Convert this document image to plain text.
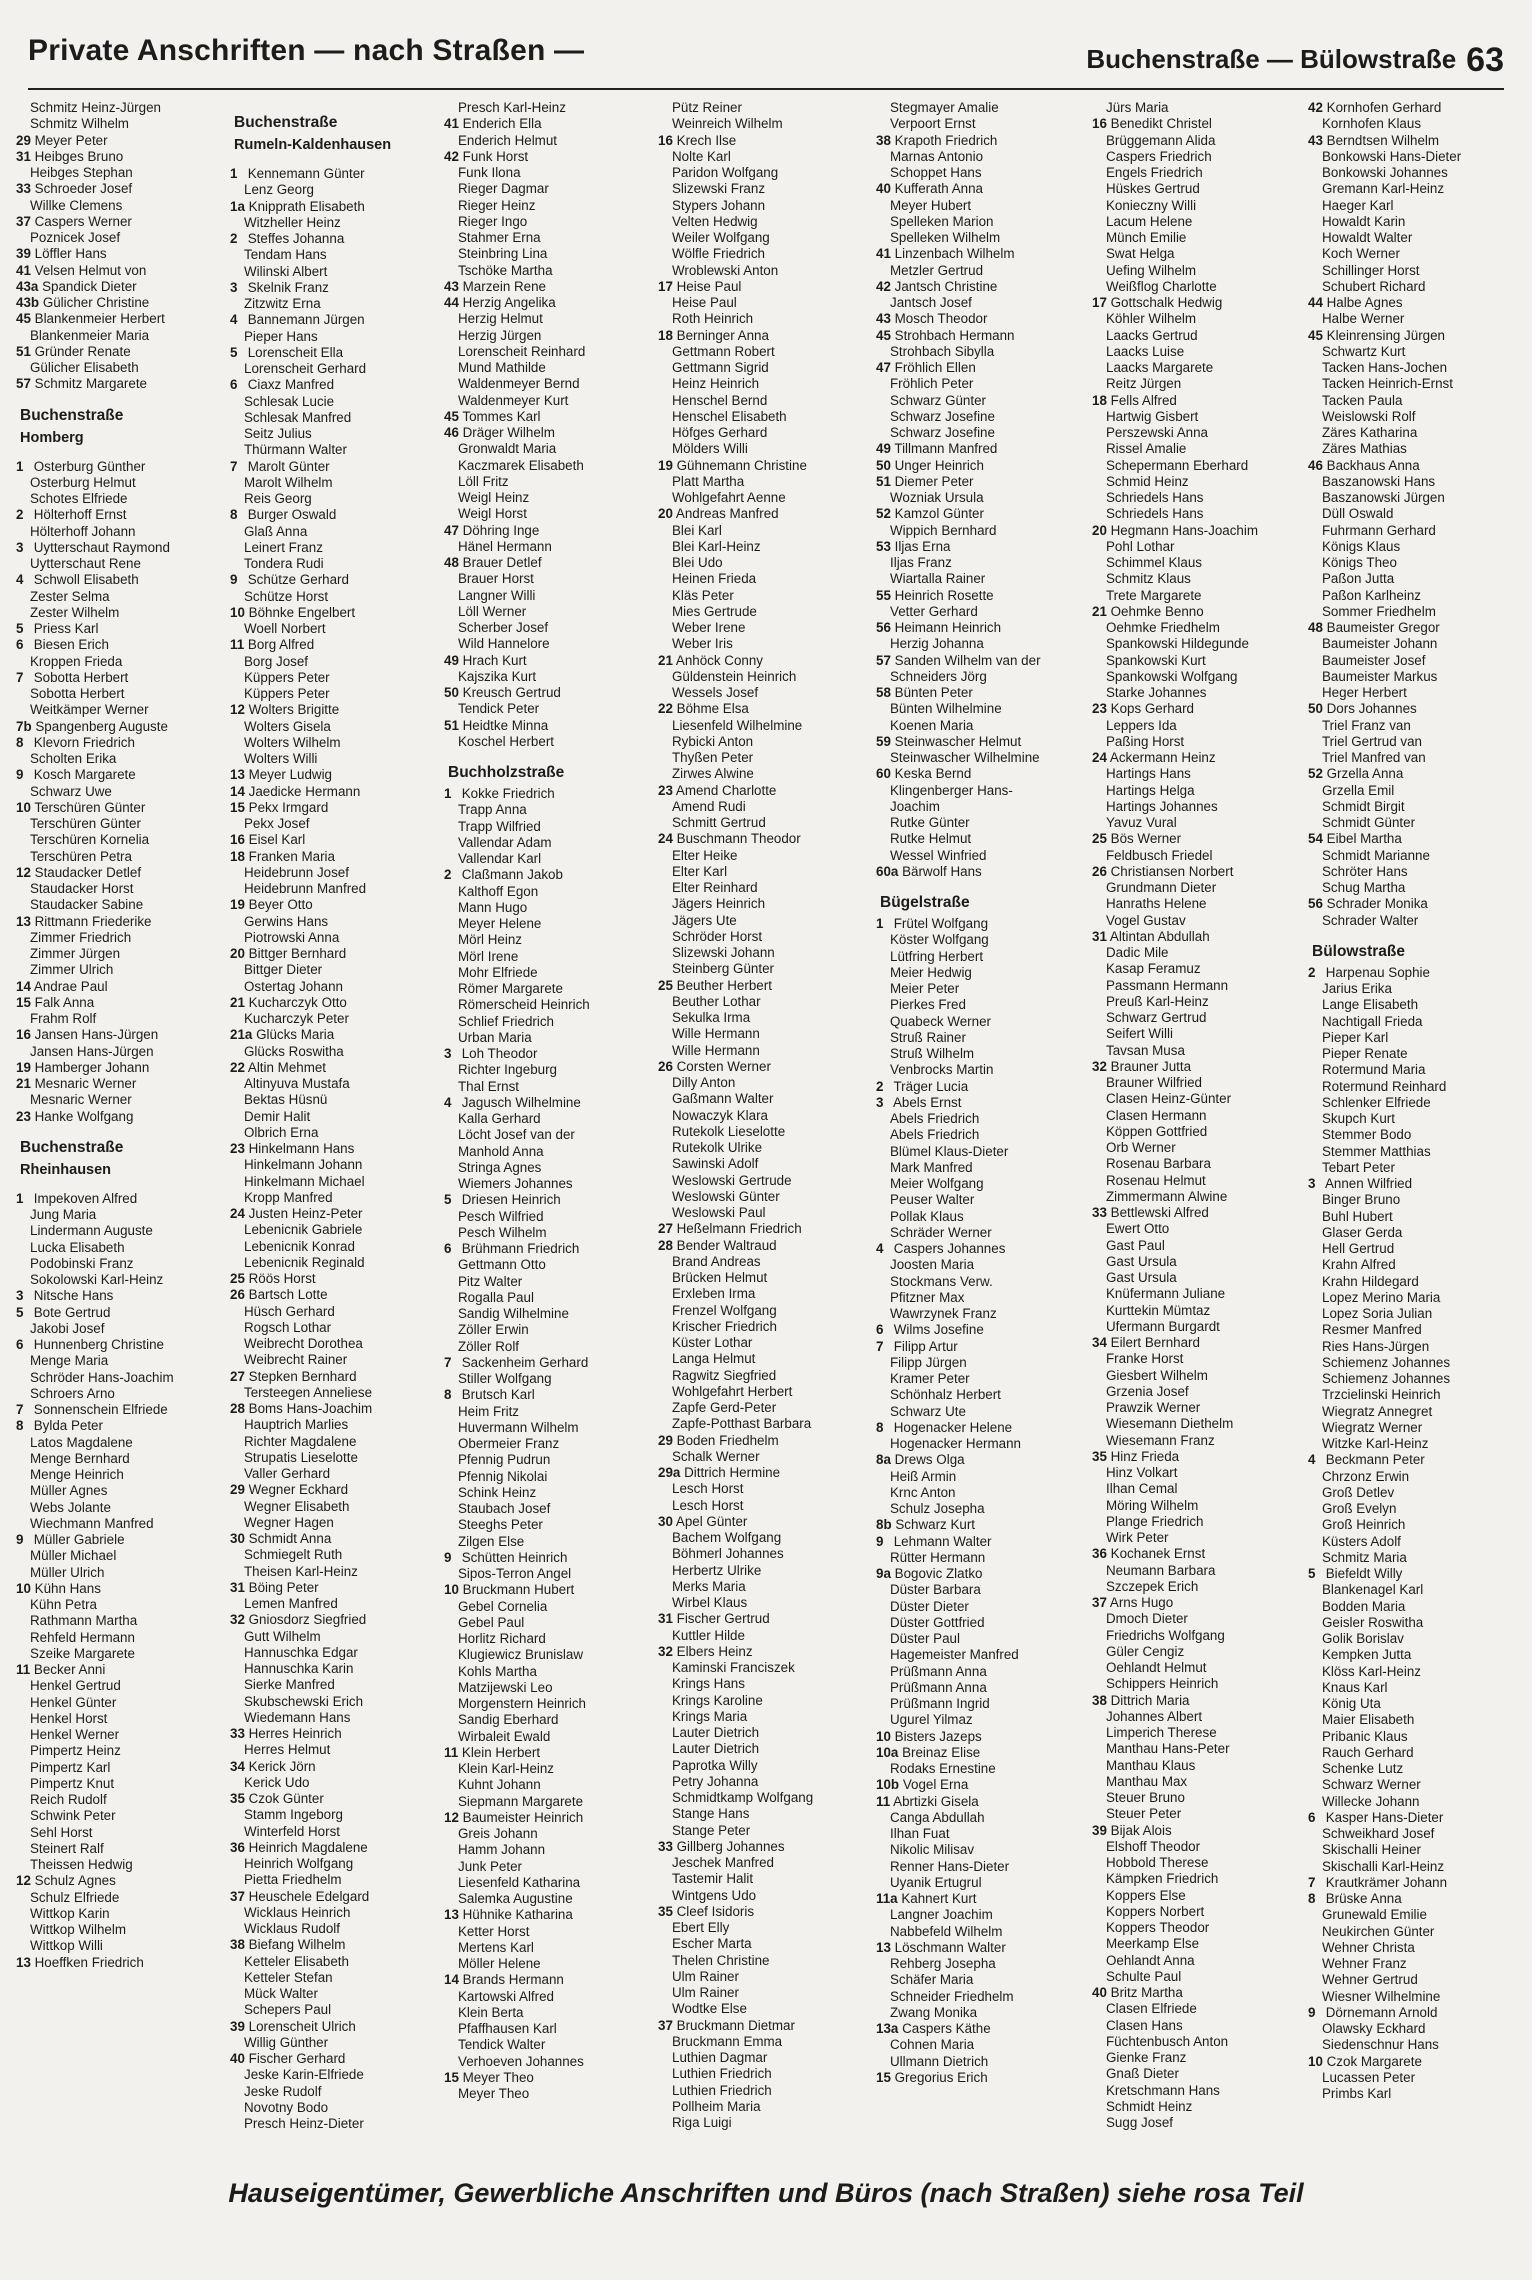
Private Anschriften — nach Straßen —	Buchenstraße — Bülowstraße 63
Schmitz Heinz-Jürgen
Schmitz Wilhelm
29 Meyer Peter
31 Heibges Bruno
Heibges Stephan
33 Schroeder Josef
Willke Clemens
37 Caspers Werner
Poznicek Josef
39 Löffler Hans
41 Velsen Helmut von
43a Spandick Dieter
43b Gülicher Christine
45 Blankenmeier Herbert
Blankenmeier Maria
51 Gründer Renate
Gülicher Elisabeth
57 Schmitz Margarete
Buchenstraße
Homberg
1 Osterburg Günther
Osterburg Helmut
Schotes Elfriede
2 Hölterhoff Ernst
Hölterhoff Johann
3 Uytterschaut Raymond
Uytterschaut Rene
4 Schwoll Elisabeth
Zester Selma
Zester Wilhelm
5 Priess Karl
6 Biesen Erich
Kroppen Frieda
7 Sobotta Herbert
Sobotta Herbert
Weitkämper Werner
7b Spangenberg Auguste
8 Klevorn Friedrich
Scholten Erika
9 Kosch Margarete
Schwarz Uwe
10 Terschüren Günter
Terschüren Günter
Terschüren Kornelia
Terschüren Petra
12 Staudacker Detlef
Staudacker Horst
Staudacker Sabine
13 Rittmann Friederike
Zimmer Friedrich
Zimmer Jürgen
Zimmer Ulrich
14 Andrae Paul
15 Falk Anna
Frahm Rolf
16 Jansen Hans-Jürgen
Jansen Hans-Jürgen
19 Hamberger Johann
21 Mesnaric Werner
Mesnaric Werner
23 Hanke Wolfgang
Buchenstraße
Rheinhausen
1 Impekoven Alfred
Jung Maria
Lindermann Auguste
Lucka Elisabeth
Podobinski Franz
Sokolowski Karl-Heinz
3 Nitsche Hans
5 Bote Gertrud
Jakobi Josef
6 Hunnenberg Christine
Menge Maria
Schröder Hans-Joachim
Schroers Arno
7 Sonnenschein Elfriede
8 Bylda Peter
Latos Magdalene
Menge Bernhard
Menge Heinrich
Müller Agnes
Webs Jolante
Wiechmann Manfred
9 Müller Gabriele
Müller Michael
Müller Ulrich
10 Kühn Hans
Kühn Petra
Rathmann Martha
Rehfeld Hermann
Szeike Margarete
11 Becker Anni
Henkel Gertrud
Henkel Günter
Henkel Horst
Henkel Werner
Pimpertz Heinz
Pimpertz Karl
Pimpertz Knut
Reich Rudolf
Schwink Peter
Sehl Horst
Steinert Ralf
Theissen Hedwig
12 Schulz Agnes
Schulz Elfriede
Wittkop Karin
Wittkop Wilhelm
Wittkop Willi
13 Hoeffken Friedrich
Buchenstraße
Rumeln-Kaldenhausen
1 Kennemann Günter
Lenz Georg
1a Knipprath Elisabeth
Witzheller Heinz
2 Steffes Johanna
Tendam Hans
Wilinski Albert
3 Skelnik Franz
Zitzwitz Erna
4 Bannemann Jürgen
Pieper Hans
5 Lorenscheit Ella
Lorenscheit Gerhard
6 Ciaxz Manfred
Schlesak Lucie
Schlesak Manfred
Seitz Julius
Thürmann Walter
7 Marolt Günter
Marolt Wilhelm
Reis Georg
8 Burger Oswald
Glaß Anna
Leinert Franz
Tondera Rudi
9 Schütze Gerhard
Schütze Horst
10 Böhnke Engelbert
Woell Norbert
11 Borg Alfred
Borg Josef
Küppers Peter
Küppers Peter
12 Wolters Brigitte
Wolters Gisela
Wolters Wilhelm
Wolters Willi
13 Meyer Ludwig
14 Jaedicke Hermann
15 Pekx Irmgard
Pekx Josef
16 Eisel Karl
18 Franken Maria
Heidebrunn Josef
Heidebrunn Manfred
19 Beyer Otto
Gerwins Hans
Piotrowski Anna
20 Bittger Bernhard
Bittger Dieter
Ostertag Johann
21 Kucharczyk Otto
Kucharczyk Peter
21a Glücks Maria
Glücks Roswitha
22 Altin Mehmet
Altinyuva Mustafa
Bektas Hüsnü
Demir Halit
Olbrich Erna
23 Hinkelmann Hans
Hinkelmann Johann
Hinkelmann Michael
Kropp Manfred
24 Justen Heinz-Peter
Lebenicnik Gabriele
Lebenicnik Konrad
Lebenicnik Reginald
25 Röös Horst
26 Bartsch Lotte
Hüsch Gerhard
Rogsch Lothar
Weibrecht Dorothea
Weibrecht Rainer
27 Stepken Bernhard
Tersteegen Anneliese
28 Boms Hans-Joachim
Hauptrich Marlies
Richter Magdalene
Strupatis Lieselotte
Valler Gerhard
29 Wegner Eckhard
Wegner Elisabeth
Wegner Hagen
30 Schmidt Anna
Schmiegelt Ruth
Theisen Karl-Heinz
31 Böing Peter
Lemen Manfred
32 Gniosdorz Siegfried
Gutt Wilhelm
Hannuschka Edgar
Hannuschka Karin
Sierke Manfred
Skubschewski Erich
Wiedemann Hans
33 Herres Heinrich
Herres Helmut
34 Kerick Jörn
Kerick Udo
35 Czok Günter
Stamm Ingeborg
Winterfeld Horst
36 Heinrich Magdalene
Heinrich Wolfgang
Pietta Friedhelm
37 Heuschele Edelgard
Wicklaus Heinrich
Wicklaus Rudolf
38 Biefang Wilhelm
Ketteler Elisabeth
Ketteler Stefan
Mück Walter
Schepers Paul
39 Lorenscheit Ulrich
Willig Günther
40 Fischer Gerhard
Jeske Karin-Elfriede
Jeske Rudolf
Novotny Bodo
Presch Heinz-Dieter
Presch Karl-Heinz
41 Enderich Ella
Enderich Helmut
42 Funk Horst
Funk Ilona
Rieger Dagmar
Rieger Heinz
Rieger Ingo
Stahmer Erna
Steinbring Lina
Tschöke Martha
43 Marzein Rene
44 Herzig Angelika
Herzig Helmut
Herzig Jürgen
Lorenscheit Reinhard
Mund Mathilde
Waldenmeyer Bernd
Waldenmeyer Kurt
45 Tommes Karl
46 Dräger Wilhelm
Gronwaldt Maria
Kaczmarek Elisabeth
Löll Fritz
Weigl Heinz
Weigl Horst
47 Döhring Inge
Hänel Hermann
48 Brauer Detlef
Brauer Horst
Langner Willi
Löll Werner
Scherber Josef
Wild Hannelore
49 Hrach Kurt
Kajszika Kurt
50 Kreusch Gertrud
Tendick Peter
51 Heidtke Minna
Koschel Herbert
Buchholzstraße
1 Kokke Friedrich
Trapp Anna
Trapp Wilfried
Vallendar Adam
Vallendar Karl
2 Claßmann Jakob
Kalthoff Egon
Mann Hugo
Meyer Helene
Mörl Heinz
Mörl Irene
Mohr Elfriede
Römer Margarete
Römerscheid Heinrich
Schlief Friedrich
Urban Maria
3 Loh Theodor
Richter Ingeburg
Thal Ernst
4 Jagusch Wilhelmine
Kalla Gerhard
Löcht Josef van der
Manhold Anna
Stringa Agnes
Wiemers Johannes
5 Driesen Heinrich
Pesch Wilfried
Pesch Wilhelm
6 Brühmann Friedrich
Gettmann Otto
Pitz Walter
Rogalla Paul
Sandig Wilhelmine
Zöller Erwin
Zöller Rolf
7 Sackenheim Gerhard
Stiller Wolfgang
8 Brutsch Karl
Heim Fritz
Huvermann Wilhelm
Obermeier Franz
Pfennig Pudrun
Pfennig Nikolai
Schink Heinz
Staubach Josef
Steeghs Peter
Zilgen Else
9 Schütten Heinrich
Sipos-Terron Angel
10 Bruckmann Hubert
Gebel Cornelia
Gebel Paul
Horlitz Richard
Klugiewicz Brunislaw
Kohls Martha
Matzijewski Leo
Morgenstern Heinrich
Sandig Eberhard
Wirbaleit Ewald
11 Klein Herbert
Klein Karl-Heinz
Kuhnt Johann
Siepmann Margarete
12 Baumeister Heinrich
Greis Johann
Hamm Johann
Junk Peter
Liesenfeld Katharina
Salemka Augustine
13 Hühnike Katharina
Ketter Horst
Mertens Karl
Möller Helene
14 Brands Hermann
Kartowski Alfred
Klein Berta
Pfaffhausen Karl
Tendick Walter
Verhoeven Johannes
15 Meyer Theo
Meyer Theo
Pütz Reiner
Weinreich Wilhelm
16 Krech Ilse
Nolte Karl
Paridon Wolfgang
Slizewski Franz
Stypers Johann
Velten Hedwig
Weiler Wolfgang
Wölfle Friedrich
Wroblewski Anton
17 Heise Paul
Heise Paul
Roth Heinrich
18 Berninger Anna
Gettmann Robert
Gettmann Sigrid
Heinz Heinrich
Henschel Bernd
Henschel Elisabeth
Höfges Gerhard
Mölders Willi
19 Gühnemann Christine
Platt Martha
Wohlgefahrt Aenne
20 Andreas Manfred
Blei Karl
Blei Karl-Heinz
Blei Udo
Heinen Frieda
Kläs Peter
Mies Gertrude
Weber Irene
Weber Iris
21 Anhöck Conny
Güldenstein Heinrich
Wessels Josef
22 Böhme Elsa
Liesenfeld Wilhelmine
Rybicki Anton
Thyßen Peter
Zirwes Alwine
23 Amend Charlotte
Amend Rudi
Schmitt Gertrud
24 Buschmann Theodor
Elter Heike
Elter Karl
Elter Reinhard
Jägers Heinrich
Jägers Ute
Schröder Horst
Slizewski Johann
Steinberg Günter
25 Beuther Herbert
Beuther Lothar
Sekulka Irma
Wille Hermann
Wille Hermann
26 Corsten Werner
Dilly Anton
Gaßmann Walter
Nowaczyk Klara
Rutekolk Lieselotte
Rutekolk Ulrike
Sawinski Adolf
Weslowski Gertrude
Weslowski Günter
Weslowski Paul
27 Heßelmann Friedrich
28 Bender Waltraud
Brand Andreas
Brücken Helmut
Erxleben Irma
Frenzel Wolfgang
Krischer Friedrich
Küster Lothar
Langa Helmut
Ragwitz Siegfried
Wohlgefahrt Herbert
Zapfe Gerd-Peter
Zapfe-Potthast Barbara
29 Boden Friedhelm
Schalk Werner
29a Dittrich Hermine
Lesch Horst
Lesch Horst
30 Apel Günter
Bachem Wolfgang
Böhmerl Johannes
Herbertz Ulrike
Merks Maria
Wirbel Klaus
31 Fischer Gertrud
Kuttler Hilde
32 Elbers Heinz
Kaminski Franciszek
Krings Hans
Krings Karoline
Krings Maria
Lauter Dietrich
Lauter Dietrich
Paprotka Willy
Petry Johanna
Schmidtkamp Wolfgang
Stange Hans
Stange Peter
33 Gillberg Johannes
Jeschek Manfred
Tastemir Halit
Wintgens Udo
35 Cleef Isidoris
Ebert Elly
Escher Marta
Thelen Christine
Ulm Rainer
Ulm Rainer
Wodtke Else
37 Bruckmann Dietmar
Bruckmann Emma
Luthien Dagmar
Luthien Friedrich
Luthien Friedrich
Pollheim Maria
Riga Luigi
Stegmayer Amalie
Verpoort Ernst
38 Krapoth Friedrich
Marnas Antonio
Schoppet Hans
40 Kufferath Anna
Meyer Hubert
Spelleken Marion
Spelleken Wilhelm
41 Linzenbach Wilhelm
Metzler Gertrud
42 Jantsch Christine
Jantsch Josef
43 Mosch Theodor
45 Strohbach Hermann
Strohbach Sibylla
47 Fröhlich Ellen
Fröhlich Peter
Schwarz Günter
Schwarz Josefine
Schwarz Josefine
49 Tillmann Manfred
50 Unger Heinrich
51 Diemer Peter
Wozniak Ursula
52 Kamzol Günter
Wippich Bernhard
53 Iljas Erna
Iljas Franz
Wiartalla Rainer
55 Heinrich Rosette
Vetter Gerhard
56 Heimann Heinrich
Herzig Johanna
57 Sanden Wilhelm van der
Schneiders Jörg
58 Bünten Peter
Bünten Wilhelmine
Koenen Maria
59 Steinwascher Helmut
Steinwascher Wilhelmine
60 Keska Bernd
Klingenberger Hans-
Joachim
Rutke Günter
Rutke Helmut
Wessel Winfried
60a Bärwolf Hans
Bügelstraße
1 Frütel Wolfgang
Köster Wolfgang
Lütfring Herbert
Meier Hedwig
Meier Peter
Pierkes Fred
Quabeck Werner
Struß Rainer
Struß Wilhelm
Venbrocks Martin
2 Träger Lucia
3 Abels Ernst
Abels Friedrich
Abels Friedrich
Blümel Klaus-Dieter
Mark Manfred
Meier Wolfgang
Peuser Walter
Pollak Klaus
Schräder Werner
4 Caspers Johannes
Joosten Maria
Stockmans Verw.
Pfitzner Max
Wawrzynek Franz
6 Wilms Josefine
7 Filipp Artur
Filipp Jürgen
Kramer Peter
Schönhalz Herbert
Schwarz Ute
8 Hogenacker Helene
Hogenacker Hermann
8a Drews Olga
Heiß Armin
Krnc Anton
Schulz Josepha
8b Schwarz Kurt
9 Lehmann Walter
Rütter Hermann
9a Bogovic Zlatko
Düster Barbara
Düster Dieter
Düster Gottfried
Düster Paul
Hagemeister Manfred
Prüßmann Anna
Prüßmann Anna
Prüßmann Ingrid
Ugurel Yilmaz
10 Bisters Jazeps
10a Breinaz Elise
Rodaks Ernestine
10b Vogel Erna
11 Abrtizki Gisela
Canga Abdullah
Ilhan Fuat
Nikolic Milisav
Renner Hans-Dieter
Uyanik Ertugrul
11a Kahnert Kurt
Langner Joachim
Nabbefeld Wilhelm
13 Löschmann Walter
Rehberg Josepha
Schäfer Maria
Schneider Friedhelm
Zwang Monika
13a Caspers Käthe
Cohnen Maria
Ullmann Dietrich
15 Gregorius Erich
Jürs Maria
16 Benedikt Christel
Brüggemann Alida
Caspers Friedrich
Engels Friedrich
Hüskes Gertrud
Konieczny Willi
Lacum Helene
Münch Emilie
Swat Helga
Uefing Wilhelm
Weißflog Charlotte
17 Gottschalk Hedwig
Köhler Wilhelm
Laacks Gertrud
Laacks Luise
Laacks Margarete
Reitz Jürgen
18 Fells Alfred
Hartwig Gisbert
Perszewski Anna
Rissel Amalie
Schepermann Eberhard
Schmid Heinz
Schriedels Hans
Schriedels Hans
20 Hegmann Hans-Joachim
Pohl Lothar
Schimmel Klaus
Schmitz Klaus
Trete Margarete
21 Oehmke Benno
Oehmke Friedhelm
Spankowski Hildegunde
Spankowski Kurt
Spankowski Wolfgang
Starke Johannes
23 Kops Gerhard
Leppers Ida
Paßing Horst
24 Ackermann Heinz
Hartings Hans
Hartings Helga
Hartings Johannes
Yavuz Vural
25 Bös Werner
Feldbusch Friedel
26 Christiansen Norbert
Grundmann Dieter
Hanraths Helene
Vogel Gustav
31 Altintan Abdullah
Dadic Mile
Kasap Feramuz
Passmann Hermann
Preuß Karl-Heinz
Schwarz Gertrud
Seifert Willi
Tavsan Musa
32 Brauner Jutta
Brauner Wilfried
Clasen Heinz-Günter
Clasen Hermann
Köppen Gottfried
Orb Werner
Rosenau Barbara
Rosenau Helmut
Zimmermann Alwine
33 Bettlewski Alfred
Ewert Otto
Gast Paul
Gast Ursula
Gast Ursula
Knüfermann Juliane
Kurttekin Mümtaz
Ufermann Burgardt
34 Eilert Bernhard
Franke Horst
Giesbert Wilhelm
Grzenia Josef
Prawzik Werner
Wiesemann Diethelm
Wiesemann Franz
35 Hinz Frieda
Hinz Volkart
Ilhan Cemal
Möring Wilhelm
Plange Friedrich
Wirk Peter
36 Kochanek Ernst
Neumann Barbara
Szczepek Erich
37 Arns Hugo
Dmoch Dieter
Friedrichs Wolfgang
Güler Cengiz
Oehlandt Helmut
Schippers Heinrich
38 Dittrich Maria
Johannes Albert
Limperich Therese
Manthau Hans-Peter
Manthau Klaus
Manthau Max
Steuer Bruno
Steuer Peter
39 Bijak Alois
Elshoff Theodor
Hobbold Therese
Kämpken Friedrich
Koppers Else
Koppers Norbert
Koppers Theodor
Meerkamp Else
Oehlandt Anna
Schulte Paul
40 Britz Martha
Clasen Elfriede
Clasen Hans
Füchtenbusch Anton
Gienke Franz
Gnaß Dieter
Kretschmann Hans
Schmidt Heinz
Sugg Josef
42 Kornhofen Gerhard
Kornhofen Klaus
43 Berndtsen Wilhelm
Bonkowski Hans-Dieter
Bonkowski Johannes
Gremann Karl-Heinz
Haeger Karl
Howaldt Karin
Howaldt Walter
Koch Werner
Schillinger Horst
Schubert Richard
44 Halbe Agnes
Halbe Werner
45 Kleinrensing Jürgen
Schwartz Kurt
Tacken Hans-Jochen
Tacken Heinrich-Ernst
Tacken Paula
Weislowski Rolf
Zäres Katharina
Zäres Mathias
46 Backhaus Anna
Baszanowski Hans
Baszanowski Jürgen
Düll Oswald
Fuhrmann Gerhard
Königs Klaus
Königs Theo
Paßon Jutta
Paßon Karlheinz
Sommer Friedhelm
48 Baumeister Gregor
Baumeister Johann
Baumeister Josef
Baumeister Markus
Heger Herbert
50 Dors Johannes
Triel Franz van
Triel Gertrud van
Triel Manfred van
52 Grzella Anna
Grzella Emil
Schmidt Birgit
Schmidt Günter
54 Eibel Martha
Schmidt Marianne
Schröter Hans
Schug Martha
56 Schrader Monika
Schrader Walter
Bülowstraße
2 Harpenau Sophie
Jarius Erika
Lange Elisabeth
Nachtigall Frieda
Pieper Karl
Pieper Renate
Rotermund Maria
Rotermund Reinhard
Schlenker Elfriede
Skupch Kurt
Stemmer Bodo
Stemmer Matthias
Tebart Peter
3 Annen Wilfried
Binger Bruno
Buhl Hubert
Glaser Gerda
Hell Gertrud
Krahn Alfred
Krahn Hildegard
Lopez Merino Maria
Lopez Soria Julian
Resmer Manfred
Ries Hans-Jürgen
Schiemenz Johannes
Schiemenz Johannes
Trzcielinski Heinrich
Wiegratz Annegret
Wiegratz Werner
Witzke Karl-Heinz
4 Beckmann Peter
Chrzonz Erwin
Groß Detlev
Groß Evelyn
Groß Heinrich
Küsters Adolf
Schmitz Maria
5 Biefeldt Willy
Blankenagel Karl
Bodden Maria
Geisler Roswitha
Golik Borislav
Kempken Jutta
Klöss Karl-Heinz
Knaus Karl
König Uta
Maier Elisabeth
Pribanic Klaus
Rauch Gerhard
Schenke Lutz
Schwarz Werner
Willecke Johann
6 Kasper Hans-Dieter
Schweikhard Josef
Skischalli Heiner
Skischalli Karl-Heinz
7 Krautkrämer Johann
8 Brüske Anna
Grunewald Emilie
Neukirchen Günter
Wehner Christa
Wehner Franz
Wehner Gertrud
Wiesner Wilhelmine
9 Dörnemann Arnold
Olawsky Eckhard
Siedenschnur Hans
10 Czok Margarete
Lucassen Peter
Primbs Karl
Hauseigentümer, Gewerbliche Anschriften und Büros (nach Straßen) siehe rosa Teil
